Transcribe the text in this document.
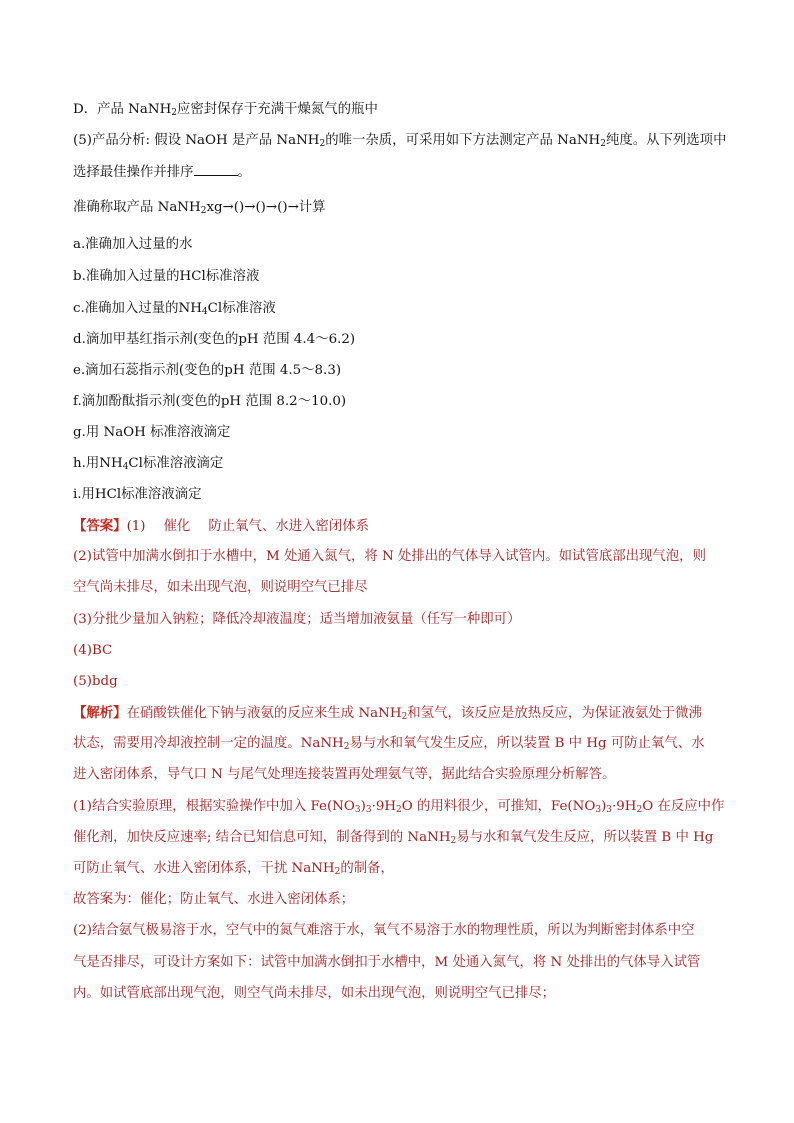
D．产品 NaNH$_2$应密封保存于充满干燥氮气的瓶中
(5)产品分析: 假设 NaOH 是产品 NaNH$_2$的唯一杂质，可采用如下方法测定产品 NaNH$_2$纯度。从下列选项中
选择最佳操作并排序	。
准确称取产品 NaNH$_2$xg→()→()→()→计算
a.准确加入过量的水
b.准确加入过量的HCl标准溶液
c.准确加入过量的$NH_4Cl$标准溶液
d.滴加甲基红指示剂(变色的pH 范围 4.4～6.2)
e.滴加石蕊指示剂(变色的pH 范围 4.5～8.3)
f.滴加酚酞指示剂(变色的pH 范围 8.2～10.0)
g.用 NaOH 标准溶液滴定
h.用$NH_4Cl$标准溶液滴定
i.用HCl标准溶液滴定
【答案】(1) 催化 防止氧气、水进入密闭体系
(2)试管中加满水倒扣于水槽中，M 处通入氮气，将 N 处排出的气体导入试管内。如试管底部出现气泡，则
空气尚未排尽，如未出现气泡，则说明空气已排尽
(3)分批少量加入钠粒；降低冷却液温度；适当增加液氨量（任写一种即可）
(4)BC
(5)bdg
【解析】在硝酸铁催化下钠与液氨的反应来生成 NaNH$_2$和氢气，该反应是放热反应，为保证液氨处于微沸
状态，需要用冷却液控制一定的温度。NaNH$_2$易与水和氧气发生反应，所以装置 B 中 Hg 可防止氧气、水
进入密闭体系，导气口 N 与尾气处理连接装置再处理氨气等，据此结合实验原理分析解答。
(1)结合实验原理，根据实验操作中加入 $Fe(NO_3)_3\cdot 9H_2O$ 的用料很少，可推知，$Fe(NO_3)_3\cdot 9H_2O$ 在反应中作
催化剂，加快反应速率; 结合已知信息可知，制备得到的 NaNH$_2$易与水和氧气发生反应，所以装置 B 中 Hg
可防止氧气、水进入密闭体系，干扰 NaNH$_2$的制备，
故答案为：催化；防止氧气、水进入密闭体系；
(2)结合氨气极易溶于水，空气中的氮气难溶于水，氧气不易溶于水的物理性质，所以为判断密封体系中空
气是否排尽，可设计方案如下：试管中加满水倒扣于水槽中，M 处通入氮气，将 N 处排出的气体导入试管
内。如试管底部出现气泡，则空气尚未排尽，如未出现气泡，则说明空气已排尽；
